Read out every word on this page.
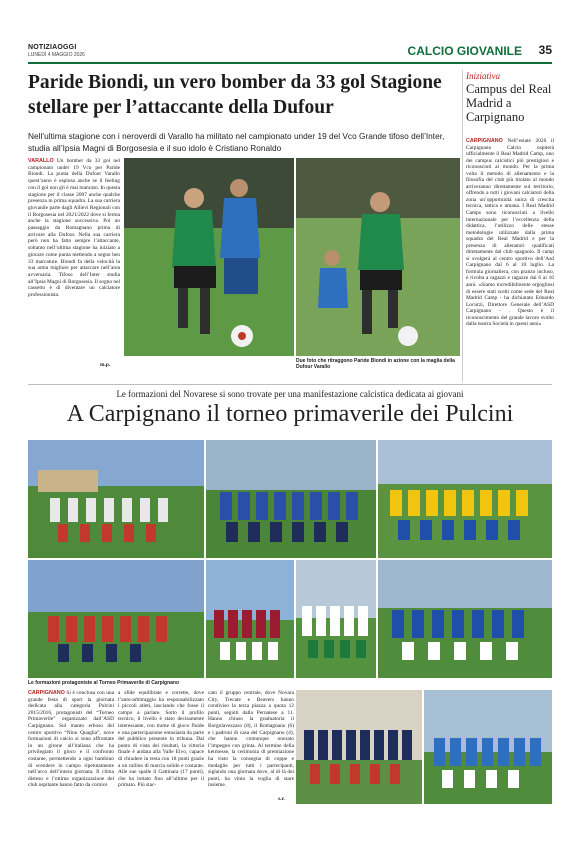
NOTIZIAOGGI
LUNEDÌ 4 MAGGIO 2026	CALCIO GIOVANILE 35
Paride Biondi, un vero bomber da 33 gol Stagione stellare per l’attaccante della Dufour
Nell’ultima stagione con i neroverdi di Varallo ha militato nel campionato under 19 del Vco Grande tifoso dell’Inter, studia all’Ipsia Magni di Borgosesia e il suo idolo è Cristiano Ronaldo
VARALLO Un bomber da 33 gol nel campionato under 19 Vco per Paride Biondi. La punta della Dufour Varallo quest’anno è esplosa anche se il feeling con il gol non gli è mai mancato. In questa stagione per il classe 2007 anche qualche presenza in prima squadra. La sua carriera giovanile parte dagli Allievi Regionali con il Borgosesia nel 2021/2022 dove si ferma anche la stagione successiva. Poi un passaggio da Romagnano prima di arrivare alla Dufour. Nella sua carriera però non ha fatto sempre l’attaccante, soltanto nell’ultima stagione ha iniziato a giocare come punta mettendo a segno ben 33 marcature. Biondi fa della velocità la sua arma migliore per attaccare nell’area avversaria. Tifoso dell’Inter studia all’Ipsia Magni di Borgosesia. Il sogno nel cassetto è di diventare un calciatore professionista.
m.p.
Due foto che ritraggono Paride Biondi in azione con la maglia della Dufour Varallo
Iniziativa
Campus del Real Madrid a Carpignano
CARPIGNANO Nell’estate 2026 il Carpignano Calcio ospiterà ufficialmente il Real Madrid Camp, uno dei campus calcistici più prestigiosi e riconosciuti al mondo. Per la prima volta il metodo di allenamento e la filosofia del club più titolato al mondo arriveranno direttamente sul territorio, offrendo a tutti i giovani calciatori della zona un’opportunità unica di crescita tecnica, tattica e umana. I Real Madrid Camps sono riconosciuti a livello internazionale per l’eccellenza della didattica, l’utilizzo delle stesse metodologie utilizzate dalla prima squadra del Real Madrid e per la presenza di allenatori qualificati direttamente dal club spagnolo. Il camp si svolgerà al centro sportivo dell’Asd Carpignano dal 6 al 10 luglio. La formula giornaliera, con pranzo incluso, è rivolta a ragazzi e ragazze dai 6 ai 16 anni. «Siamo incredibilmente orgogliosi di essere stati scelti come sede del Real Madrid Camp - ha dichiarato Edoardo Locurzi, Direttore Generale dell’ASD Carpignano - . Questo è il riconoscimento del grande lavoro svolto dalla nostra Società in questi anni»
Le formazioni del Novarese si sono trovate per una manifestazione calcistica dedicata ai giovani
A Carpignano il torneo primaverile dei Pulcini
Le formazioni protagoniste al Torneo Primaverile di Carpignano
CARPIGNANO Si è conclusa con una grande festa di sport la giornata dedicata alla categoria Pulcini 2015/2016, protagonisti del “Torneo Primaverile” organizzato dall’ASD Carpignano. Sul manto erboso del centro sportivo “Nino Quaglia”, nove formazioni di calcio si sono affrontate in un girone all’italiana che ha privilegiato il gioco e il confronto costante, permettendo a ogni bambino di scendere in campo ripetutamente nell’arco dell’intera giornata. Il clima disteso e l’ottima organizzazione del club ospitante hanno fatto da cornice
a sfide equilibrate e corrette, dove l’auto-arbitraggio ha responsabilizzato i piccoli atleti, lasciando che fosse il campo a parlare. Sotto il profilo tecnico, il livello è stato decisamente interessante, con trame di gioco fluide e una partecipazione entusiasta da parte del pubblico presente in tribuna. Dal punto di vista dei risultati, la vittoria finale è andata alla Valle Elvo, capace di chiudere in testa con 18 punti grazie a un rullino di marcia solido e costante. Alle sue spalle il Gattinara (17 punti), che ha lottato fino all’ultimo per il primato. Più stac-
cato il gruppo centrale, dove Novara City, Trecate e Beavers hanno condiviso la terza piazza a quota 12 punti, seguiti dalla Pernatese a 11. Hanno chiuso la graduatoria il Borgolavezzaro (8), il Romagnano (6) e i padroni di casa del Carpignano (4), che hanno comunque onorato l’impegno con grinta. Al termine della kermesse, la cerimonia di premiazione ha visto la consegna di coppe e medaglie per tutti i partecipanti, siglando una giornata dove, al di là dei punti, ha vinto la voglia di stare insieme.
s.r.
